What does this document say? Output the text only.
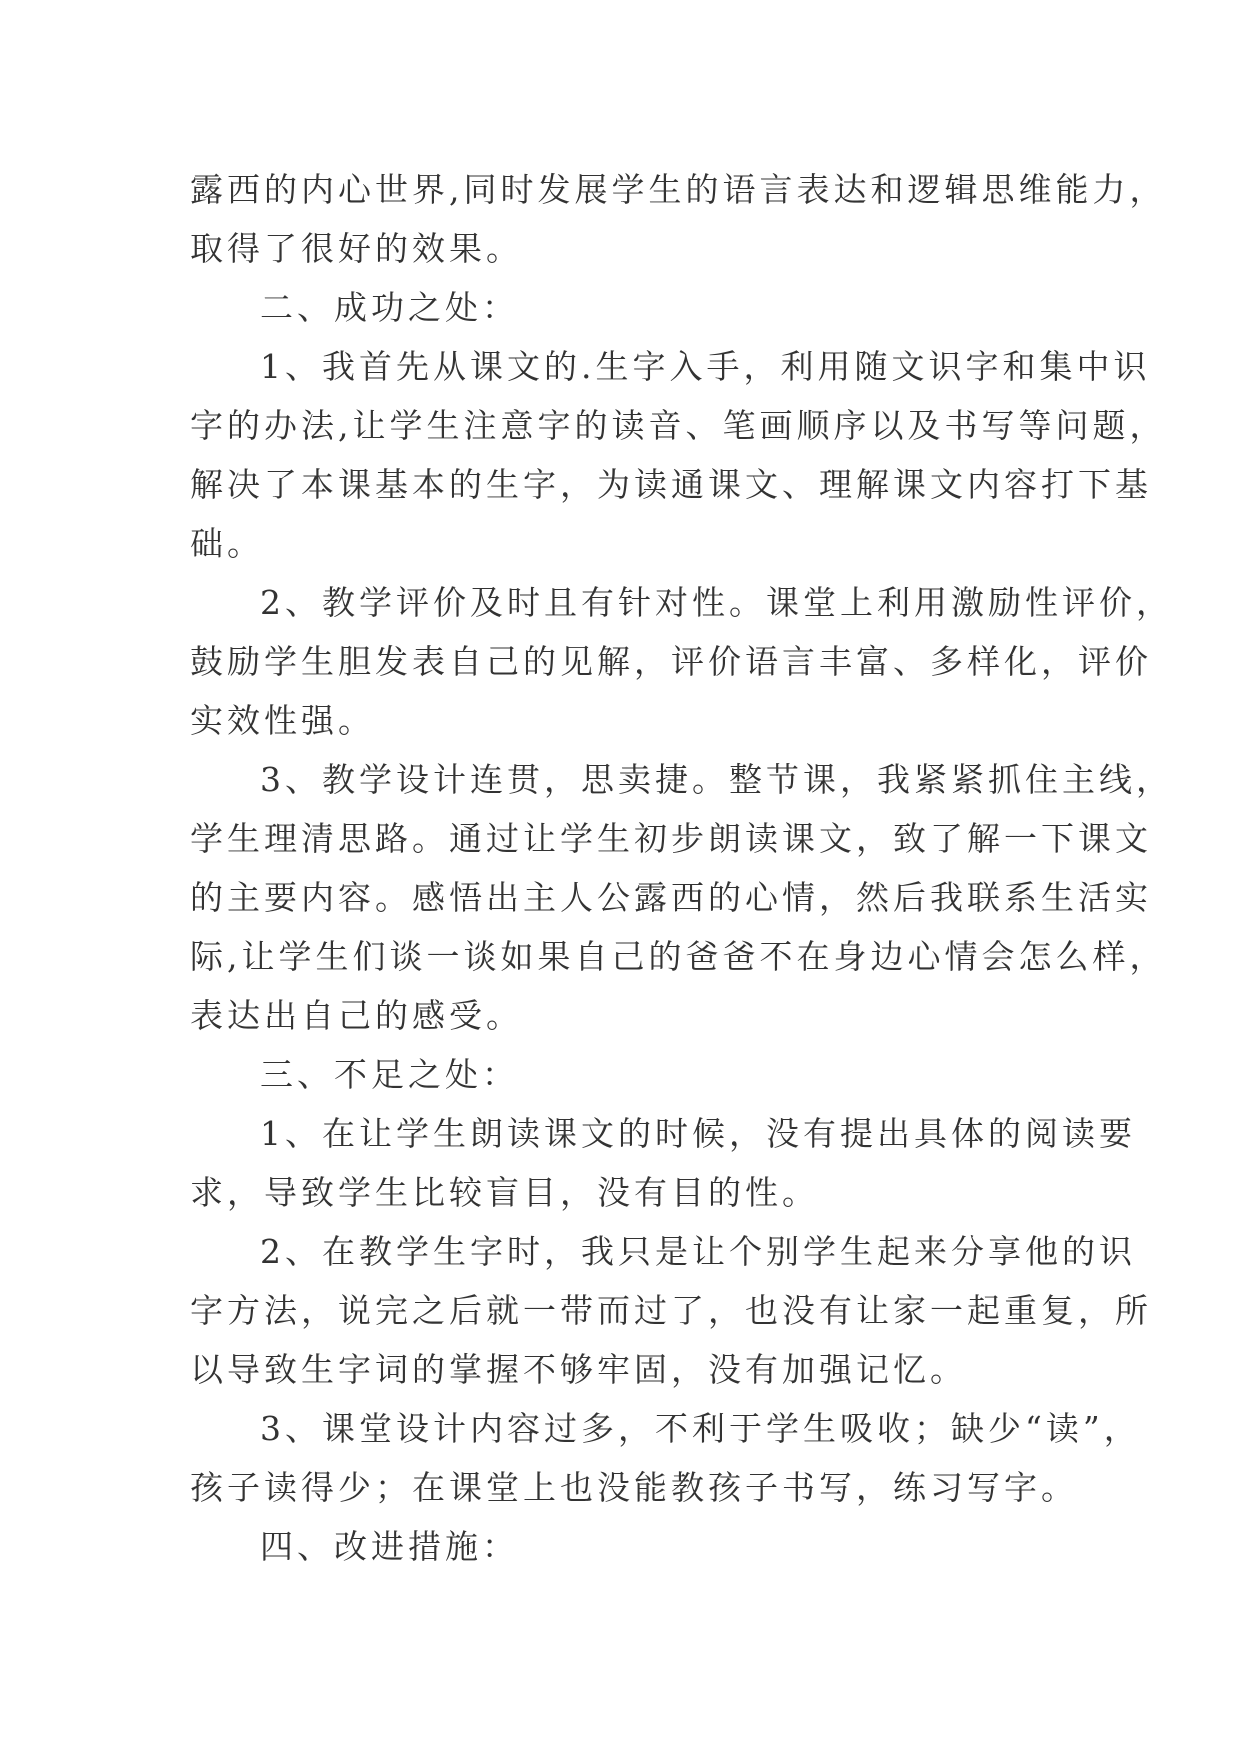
露西的内心世界,同时发展学生的语言表达和逻辑思维能力，
取得了很好的效果。
二、成功之处：
1、我首先从课文的.生字入手，利用随文识字和集中识
字的办法,让学生注意字的读音、笔画顺序以及书写等问题，
解决了本课基本的生字，为读通课文、理解课文内容打下基
础。
2、教学评价及时且有针对性。课堂上利用激励性评价，
鼓励学生胆发表自己的见解，评价语言丰富、多样化，评价
实效性强。
3、教学设计连贯，思卖捷。整节课，我紧紧抓住主线，
学生理清思路。通过让学生初步朗读课文，致了解一下课文
的主要内容。感悟出主人公露西的心情，然后我联系生活实
际,让学生们谈一谈如果自己的爸爸不在身边心情会怎么样，
表达出自己的感受。
三、不足之处：
1、在让学生朗读课文的时候，没有提出具体的阅读要
求，导致学生比较盲目，没有目的性。
2、在教学生字时，我只是让个别学生起来分享他的识
字方法，说完之后就一带而过了，也没有让家一起重复，所
以导致生字词的掌握不够牢固，没有加强记忆。
3、课堂设计内容过多，不利于学生吸收；缺少“读”，
孩子读得少；在课堂上也没能教孩子书写，练习写字。
四、改进措施：
